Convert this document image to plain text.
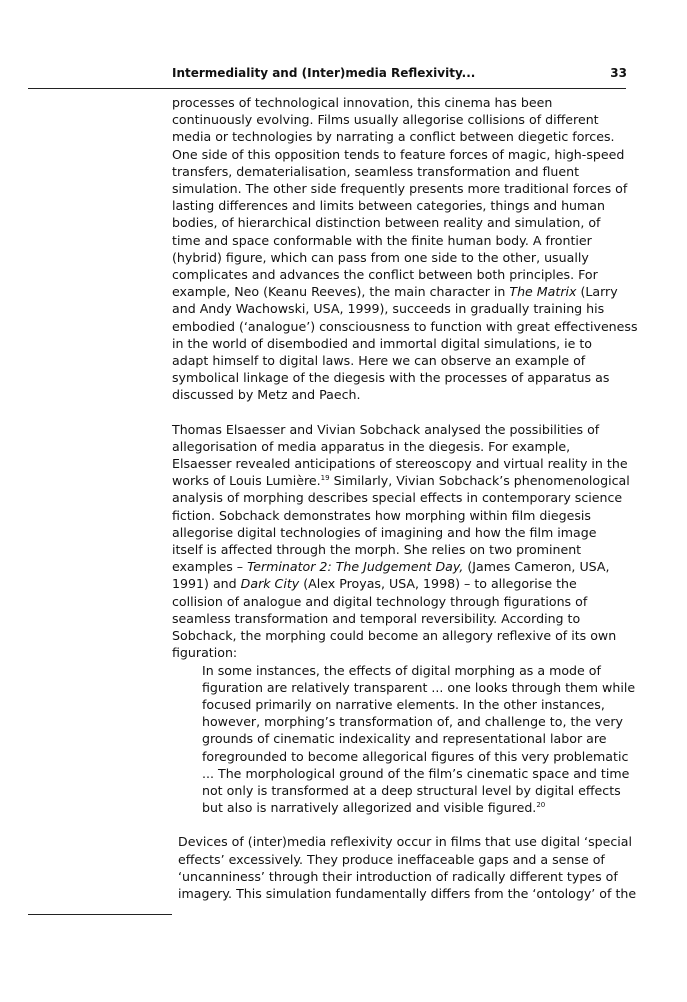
Intermediality and (Inter)media Reflexivity...	33
processes of technological innovation, this cinema has been
continuously evolving. Films usually allegorise collisions of different
media or technologies by narrating a conflict between diegetic forces.
One side of this opposition tends to feature forces of magic, high-speed
transfers, dematerialisation, seamless transformation and fluent
simulation. The other side frequently presents more traditional forces of
lasting differences and limits between categories, things and human
bodies, of hierarchical distinction between reality and simulation, of
time and space conformable with the finite human body. A frontier
(hybrid) figure, which can pass from one side to the other, usually
complicates and advances the conflict between both principles. For
example, Neo (Keanu Reeves), the main character in The Matrix (Larry
and Andy Wachowski, USA, 1999), succeeds in gradually training his
embodied (‘analogue’) consciousness to function with great effectiveness
in the world of disembodied and immortal digital simulations, ie to
adapt himself to digital laws. Here we can observe an example of
symbolical linkage of the diegesis with the processes of apparatus as
discussed by Metz and Paech.
Thomas Elsaesser and Vivian Sobchack analysed the possibilities of
allegorisation of media apparatus in the diegesis. For example,
Elsaesser revealed anticipations of stereoscopy and virtual reality in the
works of Louis Lumière.$^{19}$ Similarly, Vivian Sobchack’s phenomenological
analysis of morphing describes special effects in contemporary science
fiction. Sobchack demonstrates how morphing within film diegesis
allegorise digital technologies of imagining and how the film image
itself is affected through the morph. She relies on two prominent
examples – Terminator 2: The Judgement Day, (James Cameron, USA,
1991) and Dark City (Alex Proyas, USA, 1998) – to allegorise the
collision of analogue and digital technology through figurations of
seamless transformation and temporal reversibility. According to
Sobchack, the morphing could become an allegory reflexive of its own
figuration:
In some instances, the effects of digital morphing as a mode of
figuration are relatively transparent ... one looks through them while
focused primarily on narrative elements. In the other instances,
however, morphing’s transformation of, and challenge to, the very
grounds of cinematic indexicality and representational labor are
foregrounded to become allegorical figures of this very problematic
... The morphological ground of the film’s cinematic space and time
not only is transformed at a deep structural level by digital effects
but also is narratively allegorized and visible figured.$^{20}$
Devices of (inter)media reflexivity occur in films that use digital ‘special
effects’ excessively. They produce ineffaceable gaps and a sense of
‘uncanniness’ through their introduction of radically different types of
imagery. This simulation fundamentally differs from the ‘ontology’ of the
